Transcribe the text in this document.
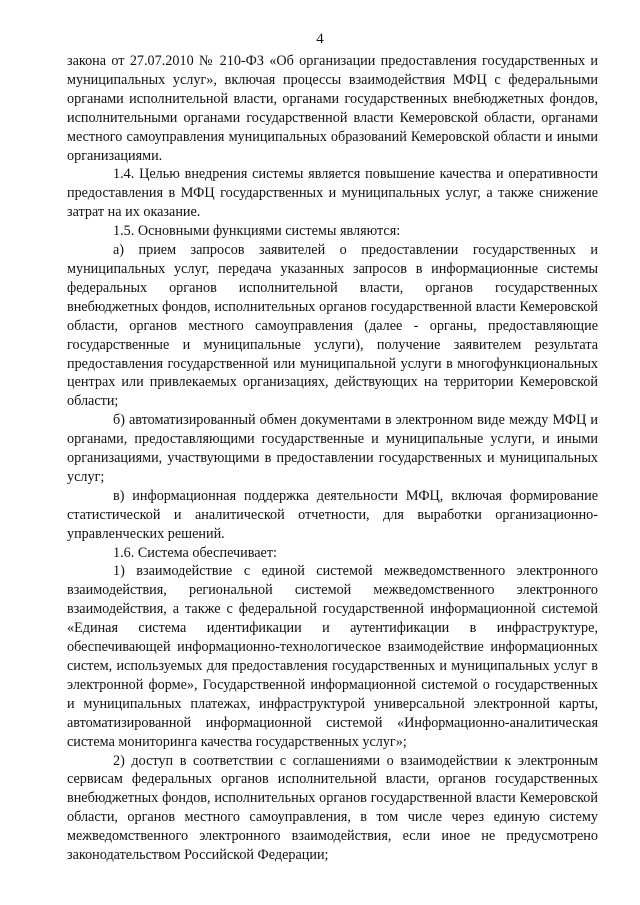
4

закона от 27.07.2010 № 210-ФЗ «Об организации предоставления государственных и муниципальных услуг», включая процессы взаимодействия МФЦ с федеральными органами исполнительной власти, органами государственных внебюджетных фондов, исполнительными органами государственной власти Кемеровской области, органами местного самоуправления муниципальных образований Кемеровской области и иными организациями.

1.4. Целью внедрения системы является повышение качества и оперативности предоставления в МФЦ государственных и муниципальных услуг, а также снижение затрат на их оказание.

1.5. Основными функциями системы являются:

а) прием запросов заявителей о предоставлении государственных и муниципальных услуг, передача указанных запросов в информационные системы федеральных органов исполнительной власти, органов государственных внебюджетных фондов, исполнительных органов государственной власти Кемеровской области, органов местного самоуправления (далее - органы, предоставляющие государственные и муниципальные услуги), получение заявителем результата предоставления государственной или муниципальной услуги в многофункциональных центрах или привлекаемых организациях, действующих на территории Кемеровской области;

б) автоматизированный обмен документами в электронном виде между МФЦ и органами, предоставляющими государственные и муниципальные услуги, и иными организациями, участвующими в предоставлении государственных и муниципальных услуг;

в) информационная поддержка деятельности МФЦ, включая формирование статистической и аналитической отчетности, для выработки организационно-управленческих решений.

1.6. Система обеспечивает:

1) взаимодействие с единой системой межведомственного электронного взаимодействия, региональной системой межведомственного электронного взаимодействия, а также с федеральной государственной информационной системой «Единая система идентификации и аутентификации в инфраструктуре, обеспечивающей информационно-технологическое взаимодействие информационных систем, используемых для предоставления государственных и муниципальных услуг в электронной форме», Государственной информационной системой о государственных и муниципальных платежах, инфраструктурой универсальной электронной карты, автоматизированной информационной системой «Информационно-аналитическая система мониторинга качества государственных услуг»;

2) доступ в соответствии с соглашениями о взаимодействии к электронным сервисам федеральных органов исполнительной власти, органов государственных внебюджетных фондов, исполнительных органов государственной власти Кемеровской области, органов местного самоуправления, в том числе через единую систему межведомственного электронного взаимодействия, если иное не предусмотрено законодательством Российской Федерации;
